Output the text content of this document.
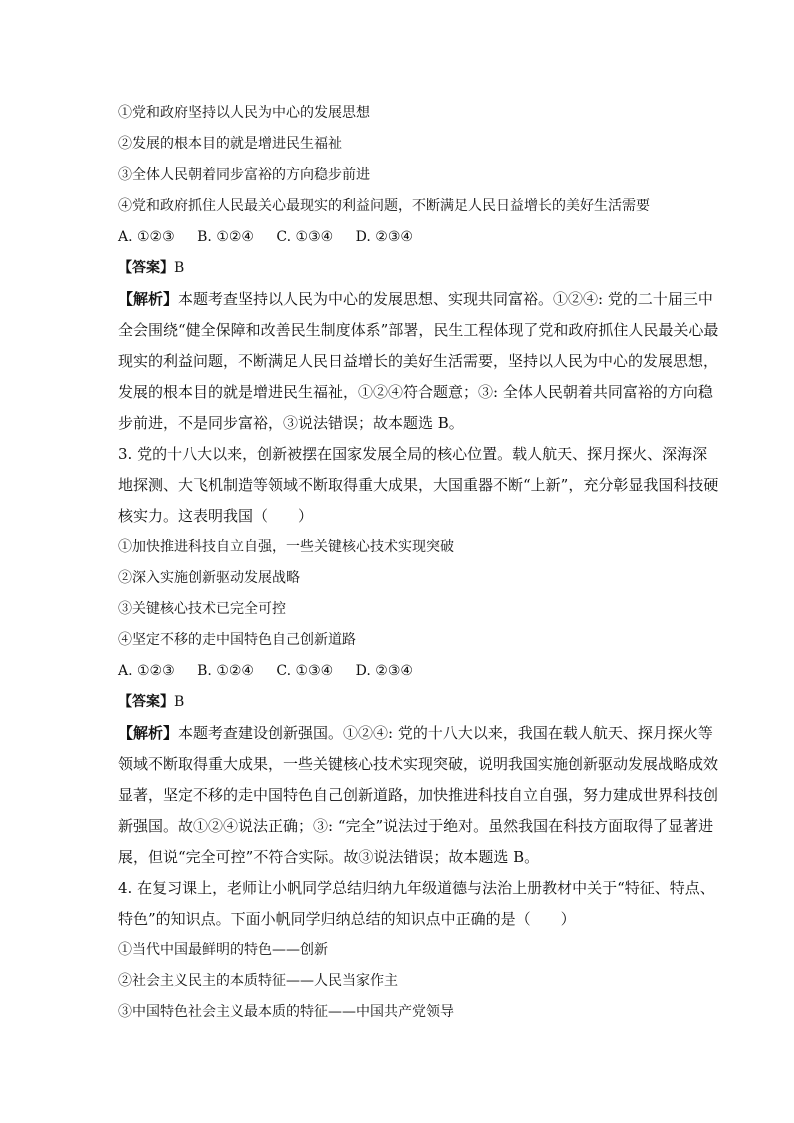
①党和政府坚持以人民为中心的发展思想
②发展的根本目的就是增进民生福祉
③全体人民朝着同步富裕的方向稳步前进
④党和政府抓住人民最关心最现实的利益问题，不断满足人民日益增长的美好生活需要
A. ①②③ B. ①②④ C. ①③④ D. ②③④
【答案】B
【解析】本题考查坚持以人民为中心的发展思想、实现共同富裕。①②④: 党的二十届三中
全会围绕“健全保障和改善民生制度体系”部署，民生工程体现了党和政府抓住人民最关心最
现实的利益问题，不断满足人民日益增长的美好生活需要，坚持以人民为中心的发展思想，
发展的根本目的就是增进民生福祉，①②④符合题意；③: 全体人民朝着共同富裕的方向稳
步前进，不是同步富裕，③说法错误；故本题选 B。
3. 党的十八大以来，创新被摆在国家发展全局的核心位置。载人航天、探月探火、深海深
地探测、大飞机制造等领域不断取得重大成果，大国重器不断“上新”，充分彰显我国科技硬
核实力。这表明我国（　　）
①加快推进科技自立自强，一些关键核心技术实现突破
②深入实施创新驱动发展战略
③关键核心技术已完全可控
④坚定不移的走中国特色自己创新道路
A. ①②③ B. ①②④ C. ①③④ D. ②③④
【答案】B
【解析】本题考查建设创新强国。①②④: 党的十八大以来，我国在载人航天、探月探火等
领域不断取得重大成果，一些关键核心技术实现突破，说明我国实施创新驱动发展战略成效
显著，坚定不移的走中国特色自己创新道路，加快推进科技自立自强，努力建成世界科技创
新强国。故①②④说法正确；③: “完全”说法过于绝对。虽然我国在科技方面取得了显著进
展，但说“完全可控”不符合实际。故③说法错误；故本题选 B。
4. 在复习课上，老师让小帆同学总结归纳九年级道德与法治上册教材中关于“特征、特点、
特色”的知识点。下面小帆同学归纳总结的知识点中正确的是（　　）
①当代中国最鲜明的特色——创新
②社会主义民主的本质特征——人民当家作主
③中国特色社会主义最本质的特征——中国共产党领导
